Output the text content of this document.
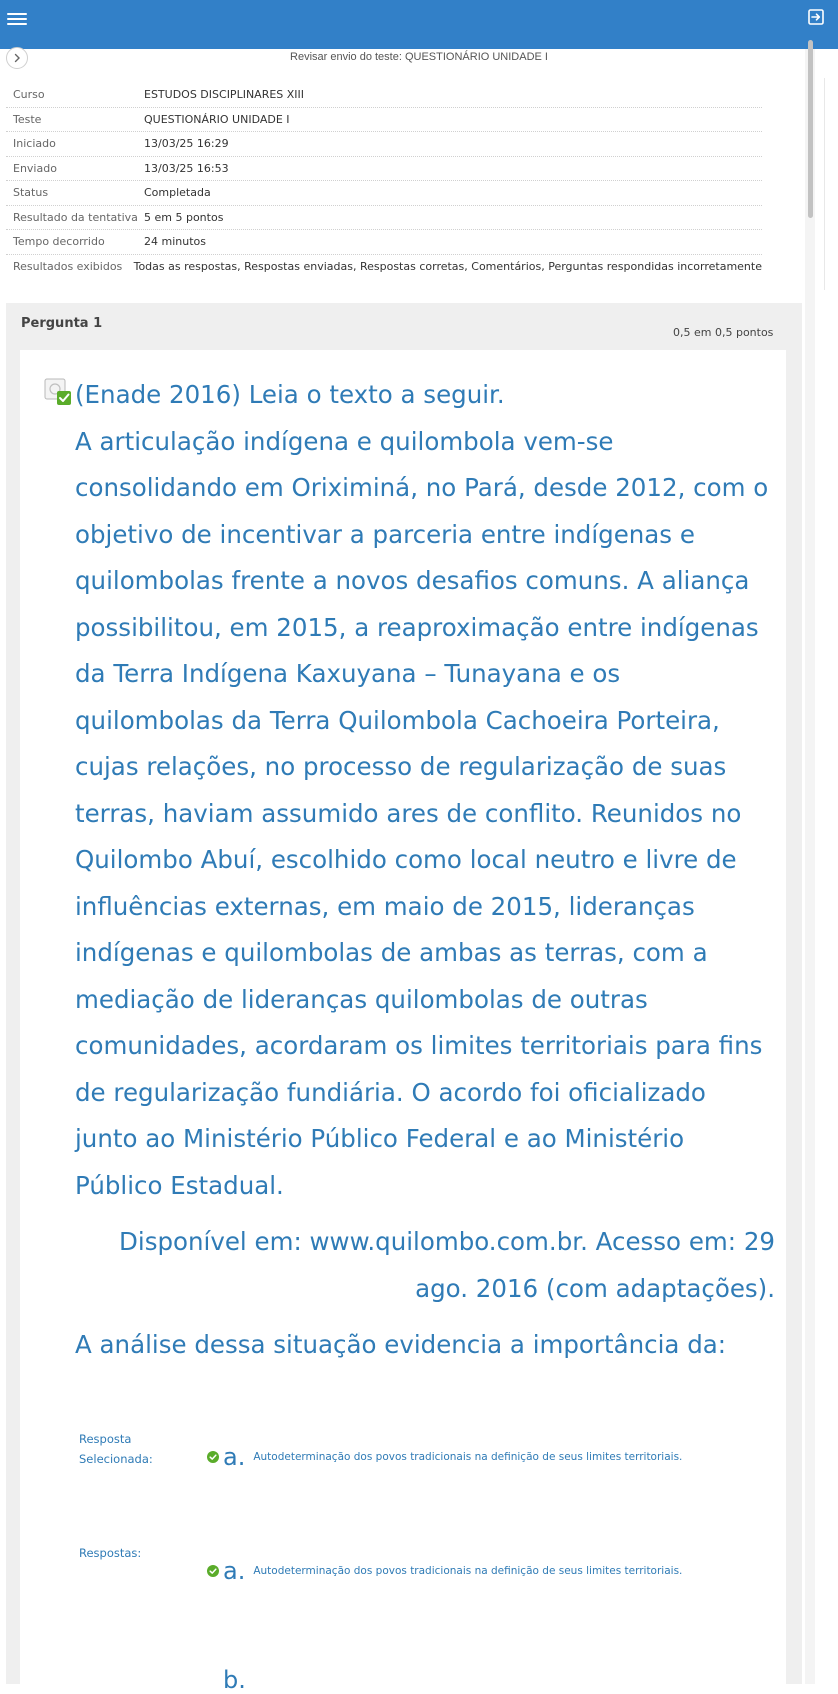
Revisar envio do teste: QUESTIONÁRIO UNIDADE I
Curso	ESTUDOS DISCIPLINARES XIII
Teste	QUESTIONÁRIO UNIDADE I
Iniciado	13/03/25 16:29
Enviado	13/03/25 16:53
Status	Completada
Resultado da tentativa 5 em 5 pontos
Tempo decorrido	24 minutos
Resultados exibidos	Todas as respostas, Respostas enviadas, Respostas corretas, Comentários, Perguntas respondidas incorretamente
Pergunta 1
0,5 em 0,5 pontos

(Enade 2016) Leia o texto a seguir.

A articulação indígena e quilombola vem-se consolidando em Oriximiná, no Pará, desde 2012, com o objetivo de incentivar a parceria entre indígenas e quilombolas frente a novos desafios comuns. A aliança possibilitou, em 2015, a reaproximação entre indígenas da Terra Indígena Kaxuyana – Tunayana e os quilombolas da Terra Quilombola Cachoeira Porteira, cujas relações, no processo de regularização de suas terras, haviam assumido ares de conflito. Reunidos no Quilombo Abuí, escolhido como local neutro e livre de influências externas, em maio de 2015, lideranças indígenas e quilombolas de ambas as terras, com a mediação de lideranças quilombolas de outras comunidades, acordaram os limites territoriais para fins de regularização fundiária. O acordo foi oficializado junto ao Ministério Público Federal e ao Ministério Público Estadual.

Disponível em: www.quilombo.com.br. Acesso em: 29 ago. 2016 (com adaptações).

A análise dessa situação evidencia a importância da:

Resposta
Selecionada:	a. Autodeterminação dos povos tradicionais na definição de seus limites territoriais.
Respostas:
a. Autodeterminação dos povos tradicionais na definição de seus limites territoriais.
b.
